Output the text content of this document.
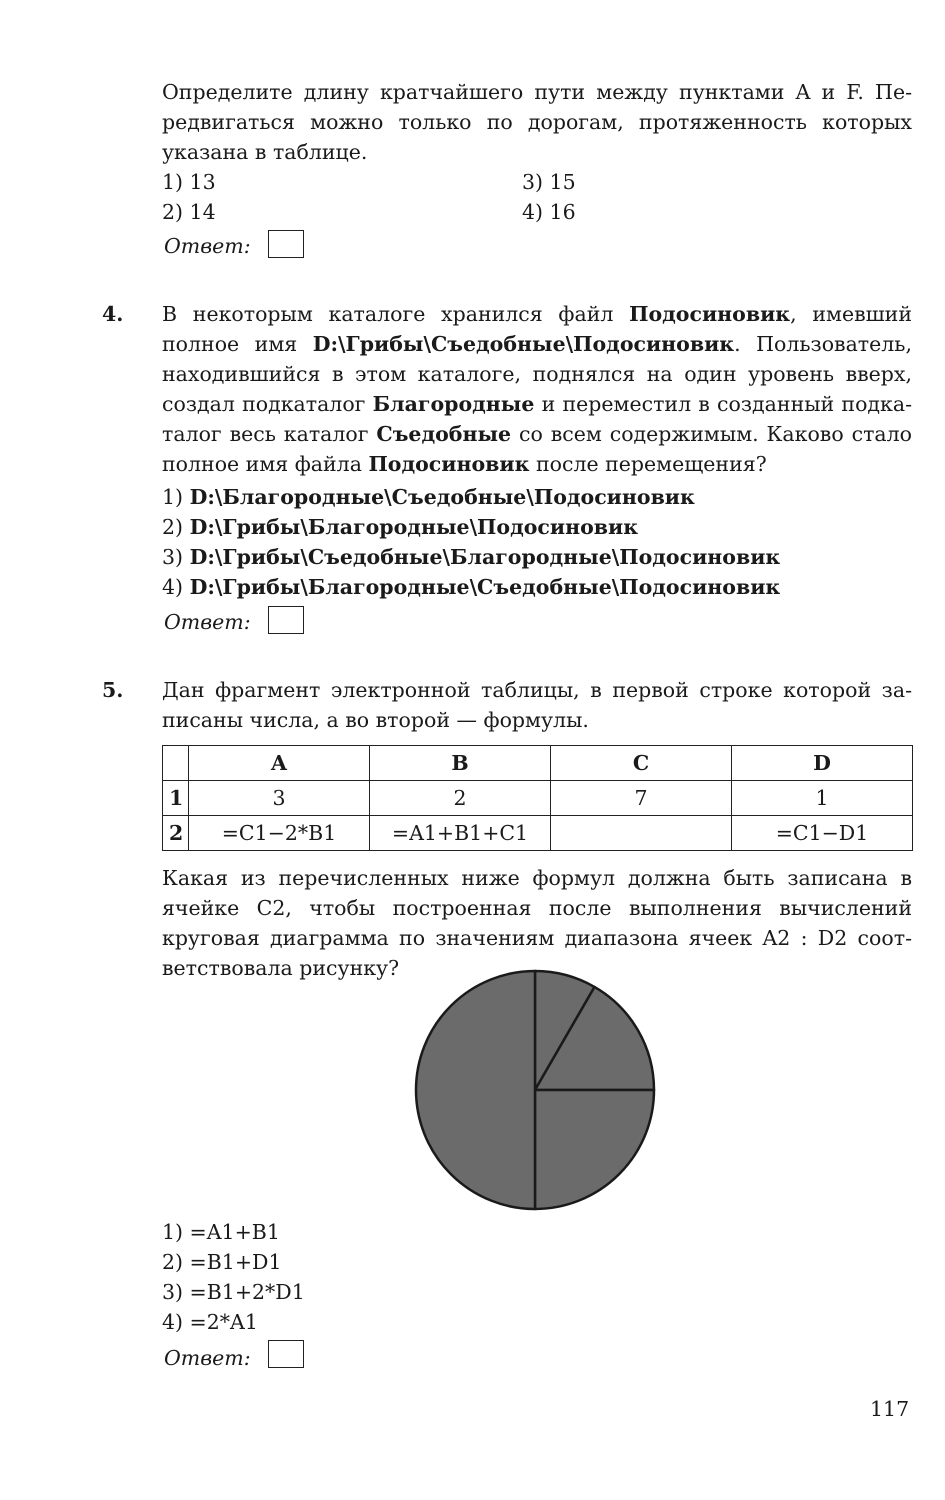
Определите длину кратчайшего пути между пунктами A и F. Пе-
редвигаться можно только по дорогам, протяженность которых
указана в таблице.
1) 13	3) 15
2) 14	4) 16
Ответ:
4. В некоторым каталоге хранился файл Подосиновик, имевший
полное имя D:\Грибы\Съедобные\Подосиновик. Пользователь,
находившийся в этом каталоге, поднялся на один уровень вверх,
создал подкаталог Благородные и переместил в созданный подка-
талог весь каталог Съедобные со всем содержимым. Каково стало
полное имя файла Подосиновик после перемещения?
1) D:\Благородные\Съедобные\Подосиновик
2) D:\Грибы\Благородные\Подосиновик
3) D:\Грибы\Съедобные\Благородные\Подосиновик
4) D:\Грибы\Благородные\Съедобные\Подосиновик
Ответ:
5. Дан фрагмент электронной таблицы, в первой строке которой за-
писаны числа, а во второй — формулы.
	A	B	C	D
1	3	2	7	1
2	=C1−2*B1	=A1+B1+C1		=C1−D1
Какая из перечисленных ниже формул должна быть записана в
ячейке C2, чтобы построенная после выполнения вычислений
круговая диаграмма по значениям диапазона ячеек A2 : D2 соот-
ветствовала рисунку?
1) =A1+B1
2) =B1+D1
3) =B1+2*D1
4) =2*A1
Ответ:
117
